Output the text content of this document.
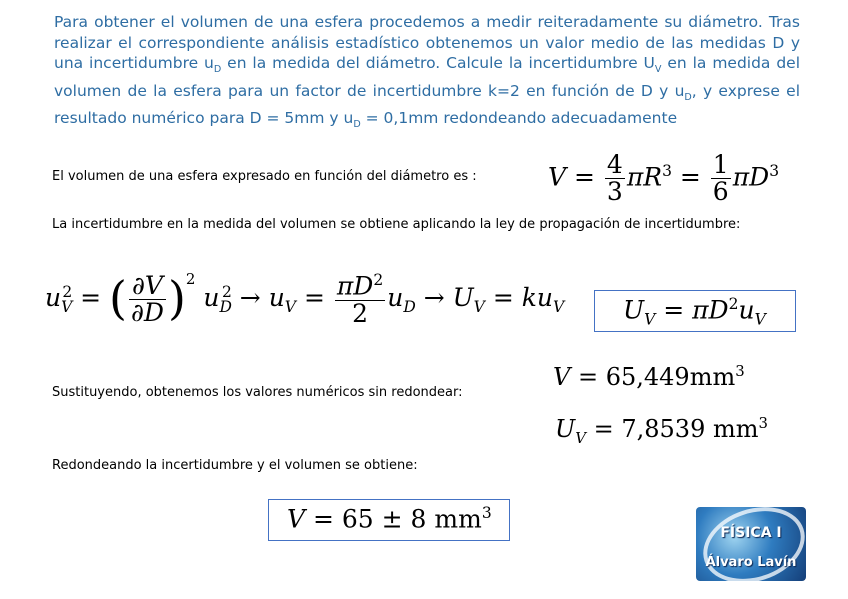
Para obtener el volumen de una esfera procedemos a medir reiteradamente su diámetro. Tras realizar el correspondiente análisis estadístico obtenemos un valor medio de las medidas D y una incertidumbre $u_D$ en la medida del diámetro. Calcule la incertidumbre $U_V$ en la medida del volumen de la esfera para un factor de incertidumbre k=2 en función de D y $u_D$, y exprese el resultado numérico para D = 5mm y $u_D = 0,1mm$ redondeando adecuadamente

El volumen de una esfera expresado en función del diámetro es :	$V = \frac{4}{3} \pi R^3 = \frac{1}{6} \pi D^3$
La incertidumbre en la medida del volumen se obtiene aplicando la ley de propagación de incertidumbre:
$u_V^2$ = ( $\frac{\partial V}{\partial D} )^2$ $u_D^2 \to u_V = \frac{\pi D^2}{2} u_D \to U_V = ku_V$ $U_V = \pi D^2u_V$
$V = 65,449mm^3$
Sustituyendo, obtenemos los valores numéricos sin redondear:
$U_V = 7,8539$ $mm^3$
Redondeando la incertidumbre y el volumen se obtiene:
V = 65 ± 8 $mm^3$
FÍSICA I
Álvaro Lavín
